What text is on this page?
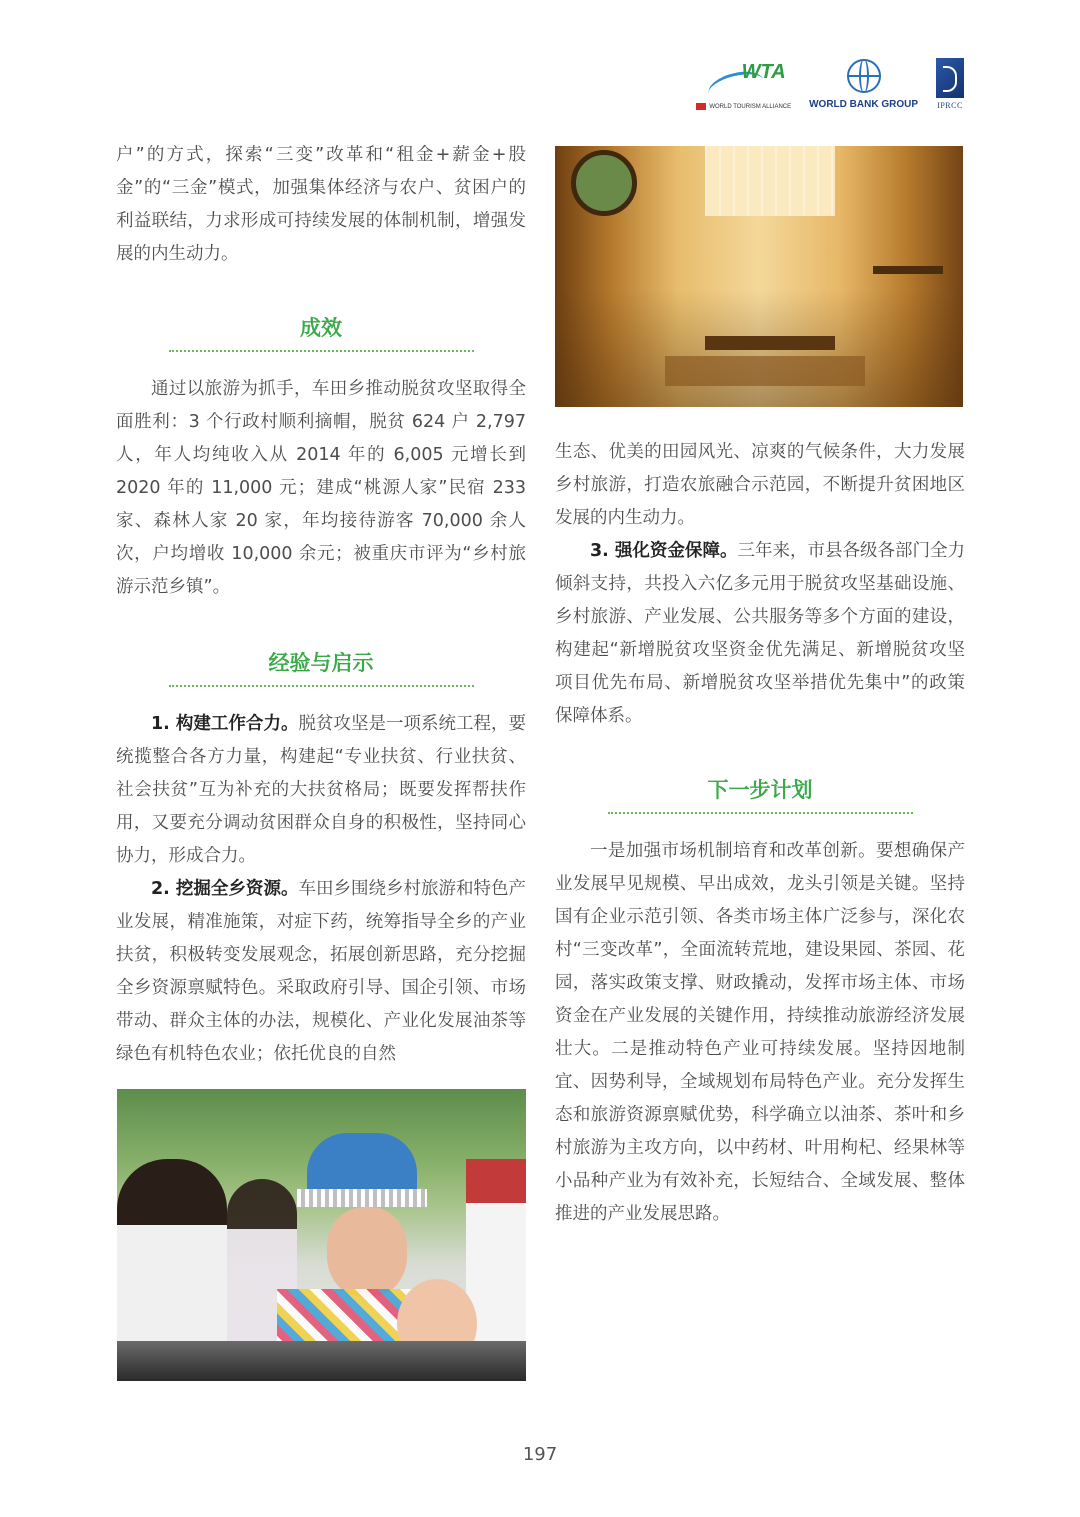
WTA
WORLD TOURISM ALLIANCE WORLD BANK GROUP IPRCC

户”的方式，探索“三变”改革和“租金+薪金+股金”的“三金”模式，加强集体经济与农户、贫困户的利益联结，力求形成可持续发展的体制机制，增强发展的内生动力。

成效

通过以旅游为抓手，车田乡推动脱贫攻坚取得全面胜利：3 个行政村顺利摘帽，脱贫 624 户 2,797 人，年人均纯收入从 2014 年的 6,005 元增长到 2020 年的 11,000 元；建成“桃源人家”民宿 233 家、森林人家 20 家，年均接待游客 70,000 余人次，户均增收 10,000 余元；被重庆市评为“乡村旅游示范乡镇”。

经验与启示

1. 构建工作合力。脱贫攻坚是一项系统工程，要统揽整合各方力量，构建起“专业扶贫、行业扶贫、社会扶贫”互为补充的大扶贫格局；既要发挥帮扶作用，又要充分调动贫困群众自身的积极性，坚持同心协力，形成合力。

2. 挖掘全乡资源。车田乡围绕乡村旅游和特色产业发展，精准施策，对症下药，统筹指导全乡的产业扶贫，积极转变发展观念，拓展创新思路，充分挖掘全乡资源禀赋特色。采取政府引导、国企引领、市场带动、群众主体的办法，规模化、产业化发展油茶等绿色有机特色农业；依托优良的自然

生态、优美的田园风光、凉爽的气候条件，大力发展乡村旅游，打造农旅融合示范园，不断提升贫困地区发展的内生动力。

3. 强化资金保障。三年来，市县各级各部门全力倾斜支持，共投入六亿多元用于脱贫攻坚基础设施、乡村旅游、产业发展、公共服务等多个方面的建设，构建起“新增脱贫攻坚资金优先满足、新增脱贫攻坚项目优先布局、新增脱贫攻坚举措优先集中”的政策保障体系。

下一步计划

一是加强市场机制培育和改革创新。要想确保产业发展早见规模、早出成效，龙头引领是关键。坚持国有企业示范引领、各类市场主体广泛参与，深化农村“三变改革”，全面流转荒地，建设果园、茶园、花园，落实政策支撑、财政撬动，发挥市场主体、市场资金在产业发展的关键作用，持续推动旅游经济发展壮大。二是推动特色产业可持续发展。坚持因地制宜、因势利导，全域规划布局特色产业。充分发挥生态和旅游资源禀赋优势，科学确立以油茶、茶叶和乡村旅游为主攻方向，以中药材、叶用枸杞、经果林等小品种产业为有效补充，长短结合、全域发展、整体推进的产业发展思路。

197
